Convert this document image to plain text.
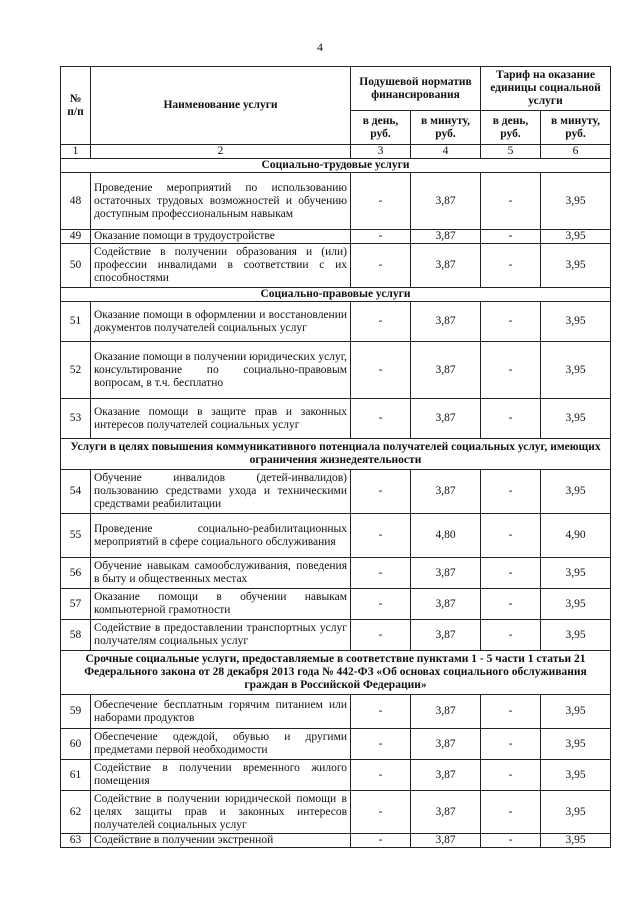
4
№ п/п	Наименование услуги	Подушевой норматив финансирования		Тариф на оказание единицы социальной услуги	
		в день, руб.	в минуту, руб.	в день, руб.	в минуту, руб.
1	2	3	4	5	6
Социально-трудовые услуги					
48	Проведение мероприятий по использованию остаточных трудовых возможностей и обучению доступным профессиональным навыкам	-	3,87	-	3,95
49	Оказание помощи в трудоустройстве	-	3,87	-	3,95
50	Содействие в получении образования и (или) профессии инвалидами в соответствии с их способностями	-	3,87	-	3,95
Социально-правовые услуги					
51	Оказание помощи в оформлении и восстановлении документов получателей социальных услуг	-	3,87	-	3,95
52	Оказание помощи в получении юридических услуг, консультирование по социально-правовым вопросам, в т.ч. бесплатно	-	3,87	-	3,95
53	Оказание помощи в защите прав и законных интересов получателей социальных услуг	-	3,87	-	3,95
Услуги в целях повышения коммуникативного потенциала получателей социальных услуг, имеющих ограничения жизнедеятельности					
54	Обучение инвалидов (детей-инвалидов) пользованию средствами ухода и техническими средствами реабилитации	-	3,87	-	3,95
55	Проведение социально-реабилитационных мероприятий в сфере социального обслуживания	-	4,80	-	4,90
56	Обучение навыкам самообслуживания, поведения в быту и общественных местах	-	3,87	-	3,95
57	Оказание помощи в обучении навыкам компьютерной грамотности	-	3,87	-	3,95
58	Содействие в предоставлении транспортных услуг получателям социальных услуг	-	3,87	-	3,95
Срочные социальные услуги, предоставляемые в соответствие пунктами 1 - 5 части 1 статьи 21 Федерального закона от 28 декабря 2013 года № 442-ФЗ «Об основах социального обслуживания граждан в Российской Федерации»					
59	Обеспечение бесплатным горячим питанием или наборами продуктов	-	3,87	-	3,95
60	Обеспечение одеждой, обувью и другими предметами первой необходимости	-	3,87	-	3,95
61	Содействие в получении временного жилого помещения	-	3,87	-	3,95
62	Содействие в получении юридической помощи в целях защиты прав и законных интересов получателей социальных услуг	-	3,87	-	3,95
63	Содействие в получении экстренной	-	3,87	-	3,95
